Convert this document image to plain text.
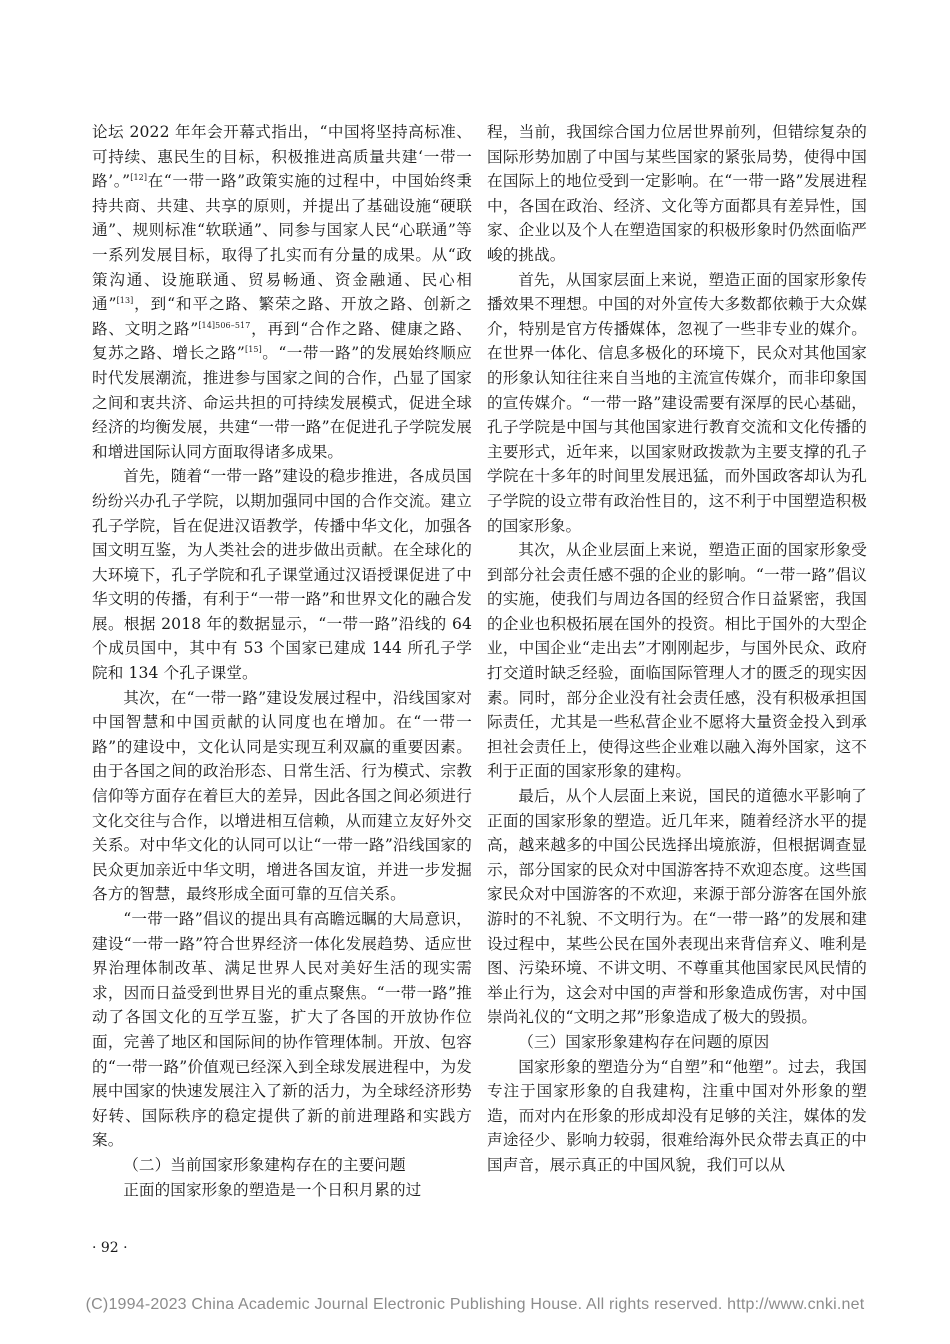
论坛 2022 年年会开幕式指出，“中国将坚持高标准、可持续、惠民生的目标，积极推进高质量共建‘一带一路’。”[12]在“一带一路”政策实施的过程中，中国始终秉持共商、共建、共享的原则，并提出了基础设施“硬联通”、规则标准“软联通”、同参与国家人民“心联通”等一系列发展目标，取得了扎实而有分量的成果。从“政策沟通、设施联通、贸易畅通、资金融通、民心相通”[13]，到“和平之路、繁荣之路、开放之路、创新之路、文明之路”$^{[14]506-517}$，再到“合作之路、健康之路、复苏之路、增长之路”[15]。“一带一路”的发展始终顺应时代发展潮流，推进参与国家之间的合作，凸显了国家之间和衷共济、命运共担的可持续发展模式，促进全球经济的均衡发展，共建“一带一路”在促进孔子学院发展和增进国际认同方面取得诸多成果。

首先，随着“一带一路”建设的稳步推进，各成员国纷纷兴办孔子学院，以期加强同中国的合作交流。建立孔子学院，旨在促进汉语教学，传播中华文化，加强各国文明互鉴，为人类社会的进步做出贡献。在全球化的大环境下，孔子学院和孔子课堂通过汉语授课促进了中华文明的传播，有利于“一带一路”和世界文化的融合发展。根据 2018 年的数据显示，“一带一路”沿线的 64 个成员国中，其中有 53 个国家已建成 144 所孔子学院和 134 个孔子课堂。

其次，在“一带一路”建设发展过程中，沿线国家对中国智慧和中国贡献的认同度也在增加。在“一带一路”的建设中，文化认同是实现互利双赢的重要因素。由于各国之间的政治形态、日常生活、行为模式、宗教信仰等方面存在着巨大的差异，因此各国之间必须进行文化交往与合作，以增进相互信赖，从而建立友好外交关系。对中华文化的认同可以让“一带一路”沿线国家的民众更加亲近中华文明，增进各国友谊，并进一步发掘各方的智慧，最终形成全面可靠的互信关系。

“一带一路”倡议的提出具有高瞻远瞩的大局意识，建设“一带一路”符合世界经济一体化发展趋势、适应世界治理体制改革、满足世界人民对美好生活的现实需求，因而日益受到世界目光的重点聚焦。“一带一路”推动了各国文化的互学互鉴，扩大了各国的开放协作位面，完善了地区和国际间的协作管理体制。开放、包容的“一带一路”价值观已经深入到全球发展进程中，为发展中国家的快速发展注入了新的活力，为全球经济形势好转、国际秩序的稳定提供了新的前进理路和实践方案。

（二）当前国家形象建构存在的主要问题

正面的国家形象的塑造是一个日积月累的过

程，当前，我国综合国力位居世界前列，但错综复杂的国际形势加剧了中国与某些国家的紧张局势，使得中国在国际上的地位受到一定影响。在“一带一路”发展进程中，各国在政治、经济、文化等方面都具有差异性，国家、企业以及个人在塑造国家的积极形象时仍然面临严峻的挑战。

首先，从国家层面上来说，塑造正面的国家形象传播效果不理想。中国的对外宣传大多数都依赖于大众媒介，特别是官方传播媒体，忽视了一些非专业的媒介。在世界一体化、信息多极化的环境下，民众对其他国家的形象认知往往来自当地的主流宣传媒介，而非印象国的宣传媒介。“一带一路”建设需要有深厚的民心基础，孔子学院是中国与其他国家进行教育交流和文化传播的主要形式，近年来，以国家财政拨款为主要支撑的孔子学院在十多年的时间里发展迅猛，而外国政客却认为孔子学院的设立带有政治性目的，这不利于中国塑造积极的国家形象。

其次，从企业层面上来说，塑造正面的国家形象受到部分社会责任感不强的企业的影响。“一带一路”倡议的实施，使我们与周边各国的经贸合作日益紧密，我国的企业也积极拓展在国外的投资。相比于国外的大型企业，中国企业“走出去”才刚刚起步，与国外民众、政府打交道时缺乏经验，面临国际管理人才的匮乏的现实因素。同时，部分企业没有社会责任感，没有积极承担国际责任，尤其是一些私营企业不愿将大量资金投入到承担社会责任上，使得这些企业难以融入海外国家，这不利于正面的国家形象的建构。

最后，从个人层面上来说，国民的道德水平影响了正面的国家形象的塑造。近几年来，随着经济水平的提高，越来越多的中国公民选择出境旅游，但根据调查显示，部分国家的民众对中国游客持不欢迎态度。这些国家民众对中国游客的不欢迎，来源于部分游客在国外旅游时的不礼貌、不文明行为。在“一带一路”的发展和建设过程中，某些公民在国外表现出来背信弃义、唯利是图、污染环境、不讲文明、不尊重其他国家民风民情的举止行为，这会对中国的声誉和形象造成伤害，对中国崇尚礼仪的“文明之邦”形象造成了极大的毁损。

（三）国家形象建构存在问题的原因

国家形象的塑造分为“自塑”和“他塑”。过去，我国专注于国家形象的自我建构，注重中国对外形象的塑造，而对内在形象的形成却没有足够的关注，媒体的发声途径少、影响力较弱，很难给海外民众带去真正的中国声音，展示真正的中国风貌，我们可以从

· 92 ·
(C)1994-2023 China Academic Journal Electronic Publishing House. All rights reserved. http://www.cnki.net
